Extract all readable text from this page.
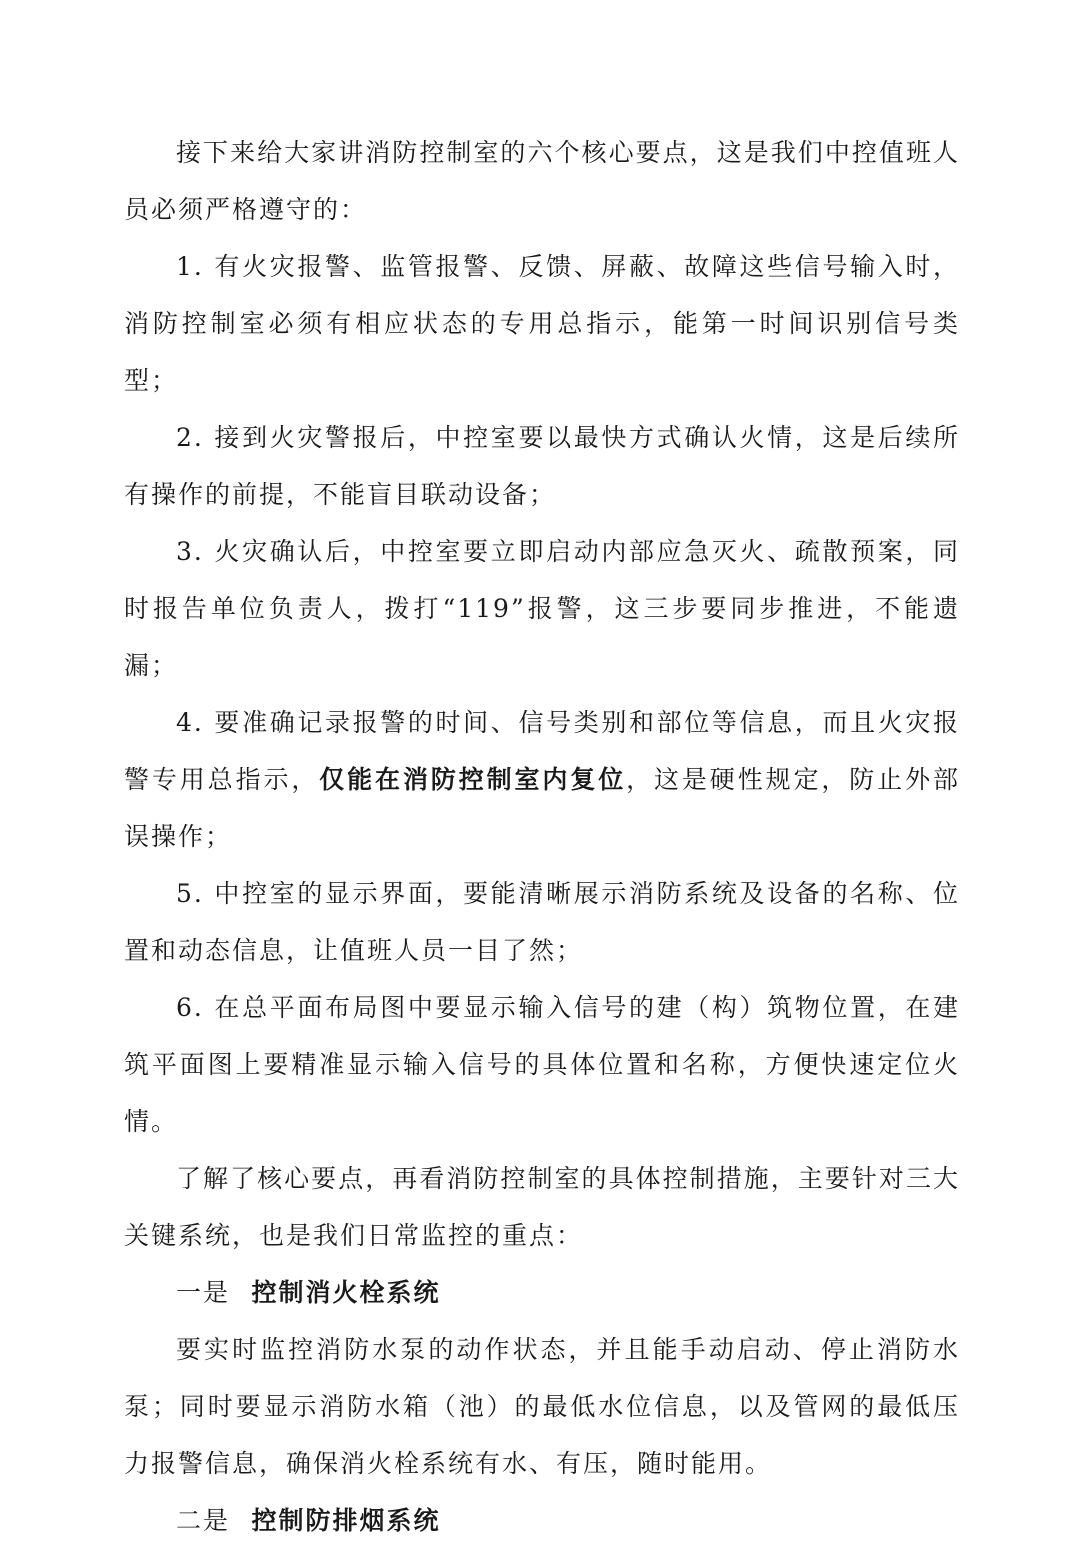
接下来给大家讲消防控制室的六个核心要点，这是我们中控值班人员必须严格遵守的：

1. 有火灾报警、监管报警、反馈、屏蔽、故障这些信号输入时，消防控制室必须有相应状态的专用总指示，能第一时间识别信号类型；

2. 接到火灾警报后，中控室要以最快方式确认火情，这是后续所有操作的前提，不能盲目联动设备；

3. 火灾确认后，中控室要立即启动内部应急灭火、疏散预案，同时报告单位负责人，拨打“119”报警，这三步要同步推进，不能遗漏；

4. 要准确记录报警的时间、信号类别和部位等信息，而且火灾报警专用总指示，仅能在消防控制室内复位，这是硬性规定，防止外部误操作；

5. 中控室的显示界面，要能清晰展示消防系统及设备的名称、位置和动态信息，让值班人员一目了然；

6. 在总平面布局图中要显示输入信号的建（构）筑物位置，在建筑平面图上要精准显示输入信号的具体位置和名称，方便快速定位火情。

了解了核心要点，再看消防控制室的具体控制措施，主要针对三大关键系统，也是我们日常监控的重点：

一是 控制消火栓系统

要实时监控消防水泵的动作状态，并且能手动启动、停止消防水泵；同时要显示消防水箱（池）的最低水位信息，以及管网的最低压力报警信息，确保消火栓系统有水、有压，随时能用。

二是 控制防排烟系统
